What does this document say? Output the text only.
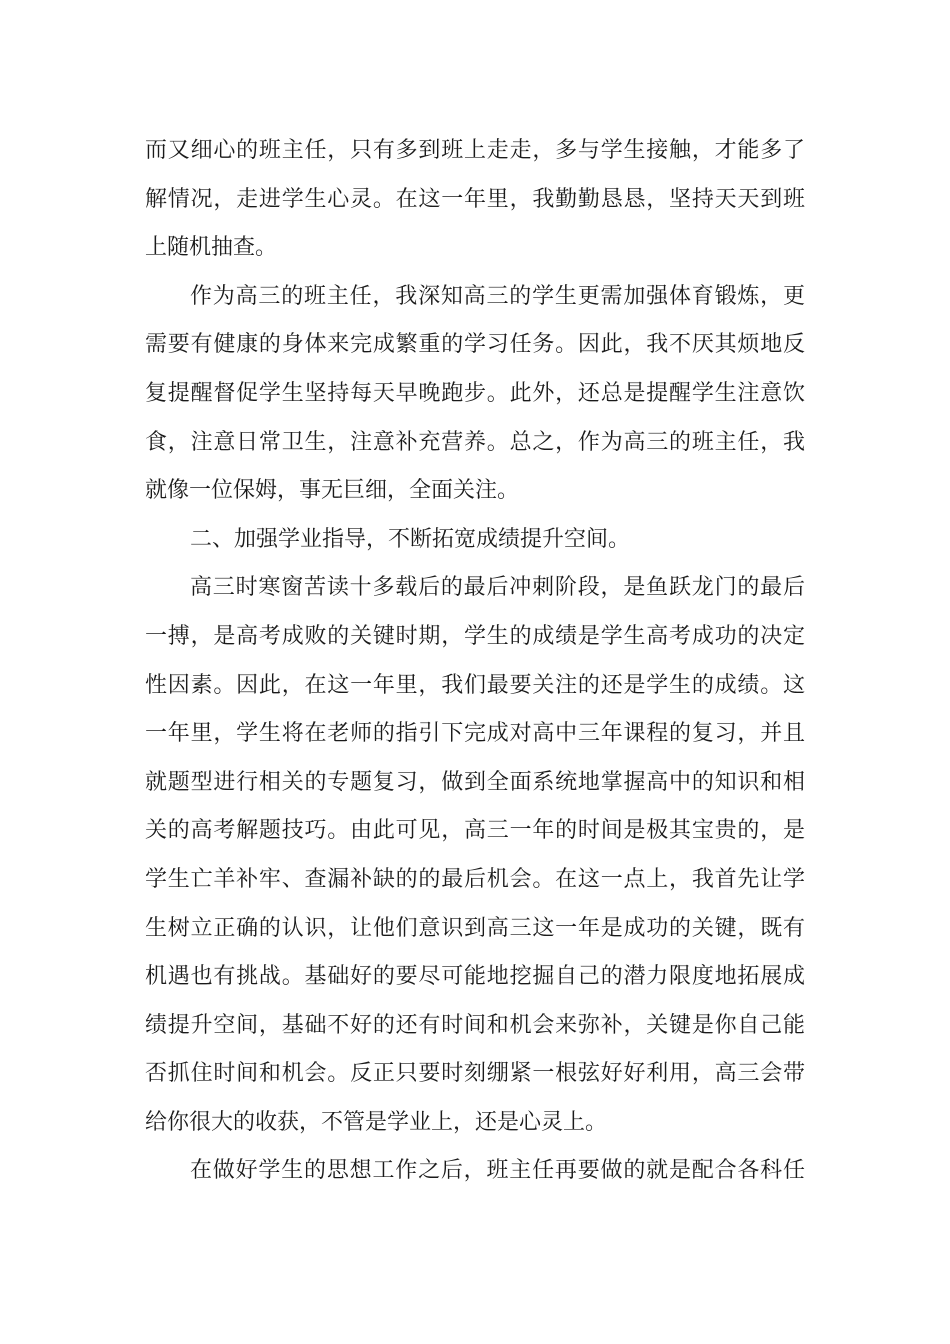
而又细心的班主任，只有多到班上走走，多与学生接触，才能多了
解情况，走进学生心灵。在这一年里，我勤勤恳恳，坚持天天到班
上随机抽查。
作为高三的班主任，我深知高三的学生更需加强体育锻炼，更
需要有健康的身体来完成繁重的学习任务。因此，我不厌其烦地反
复提醒督促学生坚持每天早晚跑步。此外，还总是提醒学生注意饮
食，注意日常卫生，注意补充营养。总之，作为高三的班主任，我
就像一位保姆，事无巨细，全面关注。
二、加强学业指导，不断拓宽成绩提升空间。
高三时寒窗苦读十多载后的最后冲刺阶段，是鱼跃龙门的最后
一搏，是高考成败的关键时期，学生的成绩是学生高考成功的决定
性因素。因此，在这一年里，我们最要关注的还是学生的成绩。这
一年里，学生将在老师的指引下完成对高中三年课程的复习，并且
就题型进行相关的专题复习，做到全面系统地掌握高中的知识和相
关的高考解题技巧。由此可见，高三一年的时间是极其宝贵的，是
学生亡羊补牢、查漏补缺的的最后机会。在这一点上，我首先让学
生树立正确的认识，让他们意识到高三这一年是成功的关键，既有
机遇也有挑战。基础好的要尽可能地挖掘自己的潜力限度地拓展成
绩提升空间，基础不好的还有时间和机会来弥补，关键是你自己能
否抓住时间和机会。反正只要时刻绷紧一根弦好好利用，高三会带
给你很大的收获，不管是学业上，还是心灵上。
在做好学生的思想工作之后，班主任再要做的就是配合各科任
